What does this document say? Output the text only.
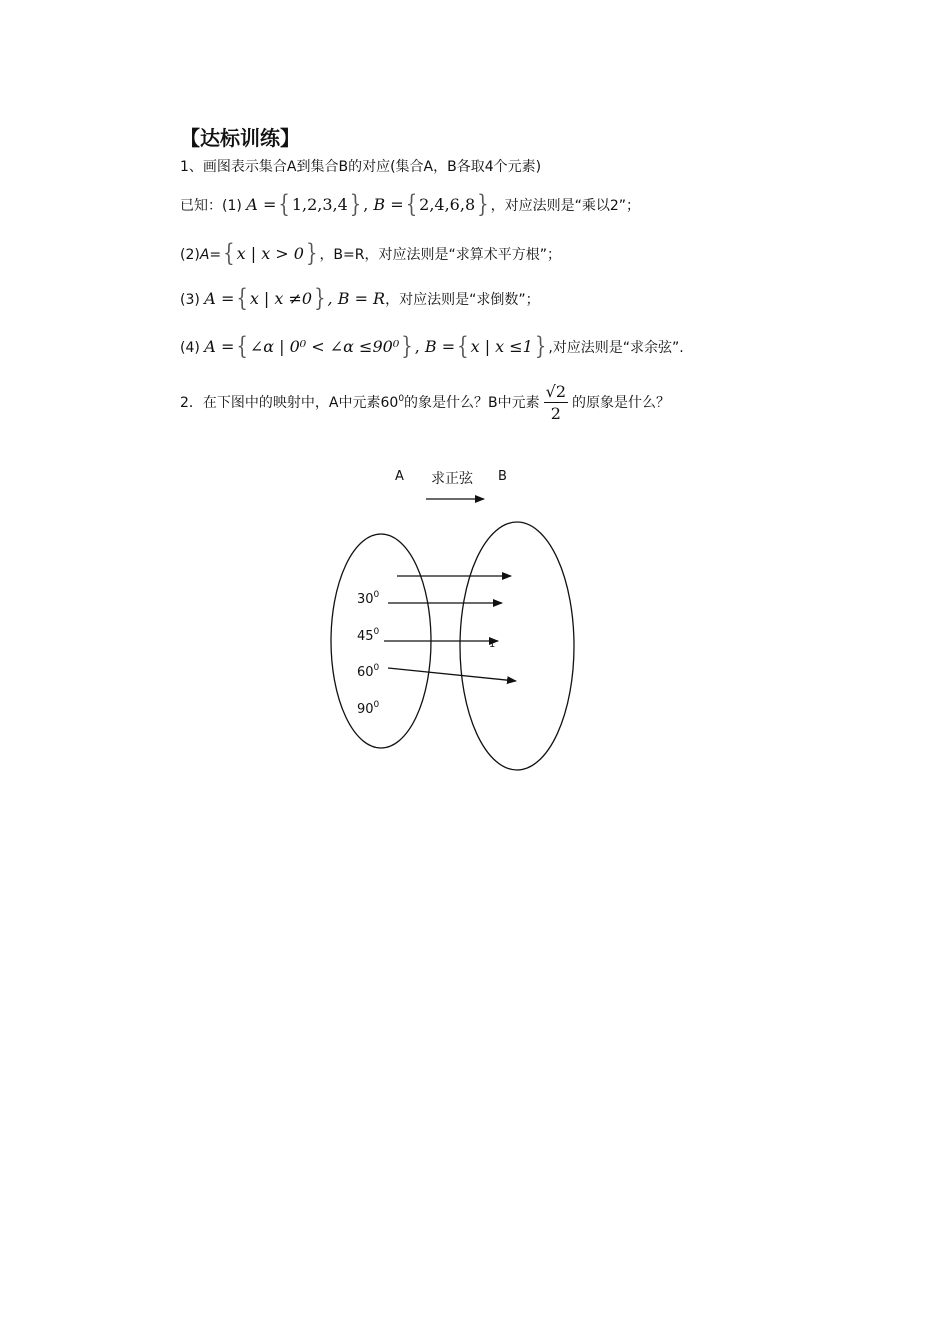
【达标训练】
1、画图表示集合A到集合B的对应(集合A，B各取4个元素)
已知：(1) A = { 1,2,3,4 } , B = { 2,4,6,8 } ，对应法则是“乘以2”；
(2)A= { x | x > 0 } ，B=R，对应法则是“求算术平方根”；
(3) A = { x | x ≠0 } , B = R，对应法则是“求倒数”；
(4) A = { ∠α | 0⁰ < ∠α ≤90⁰ } , B = { x | x ≤1 } ,对应法则是“求余弦”.
2．在下图中的映射中，A中元素$60^0$的象是什么？B中元素 $\frac{√2}{2}$ 的原象是什么？
A 求正弦 B
$30^0$
$45^0$
$60^0$
$90^0$
1
